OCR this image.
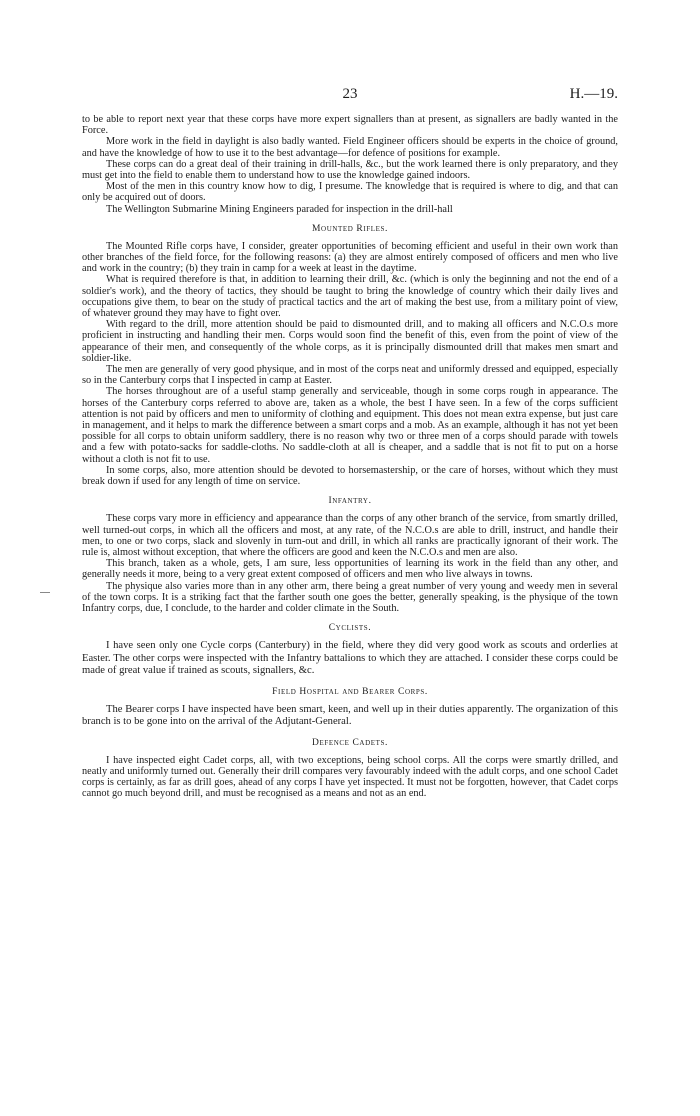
23	H.—19.

to be able to report next year that these corps have more expert signallers than at present, as signallers are badly wanted in the Force.

More work in the field in daylight is also badly wanted. Field Engineer officers should be experts in the choice of ground, and have the knowledge of how to use it to the best advantage—for defence of positions for example.

These corps can do a great deal of their training in drill-halls, &c., but the work learned there is only preparatory, and they must get into the field to enable them to understand how to use the knowledge gained indoors.

Most of the men in this country know how to dig, I presume. The knowledge that is required is where to dig, and that can only be acquired out of doors.

The Wellington Submarine Mining Engineers paraded for inspection in the drill-hall

Mounted Rifles.

The Mounted Rifle corps have, I consider, greater opportunities of becoming efficient and useful in their own work than other branches of the field force, for the following reasons: (a) they are almost entirely composed of officers and men who live and work in the country; (b) they train in camp for a week at least in the daytime.

What is required therefore is that, in addition to learning their drill, &c. (which is only the beginning and not the end of a soldier's work), and the theory of tactics, they should be taught to bring the knowledge of country which their daily lives and occupations give them, to bear on the study of practical tactics and the art of making the best use, from a military point of view, of whatever ground they may have to fight over.

With regard to the drill, more attention should be paid to dismounted drill, and to making all officers and N.C.O.s more proficient in instructing and handling their men. Corps would soon find the benefit of this, even from the point of view of the appearance of their men, and consequently of the whole corps, as it is principally dismounted drill that makes men smart and soldier-like.

The men are generally of very good physique, and in most of the corps neat and uniformly dressed and equipped, especially so in the Canterbury corps that I inspected in camp at Easter.

The horses throughout are of a useful stamp generally and serviceable, though in some corps rough in appearance. The horses of the Canterbury corps referred to above are, taken as a whole, the best I have seen. In a few of the corps sufficient attention is not paid by officers and men to uniformity of clothing and equipment. This does not mean extra expense, but just care in management, and it helps to mark the difference between a smart corps and a mob. As an example, although it has not yet been possible for all corps to obtain uniform saddlery, there is no reason why two or three men of a corps should parade with towels and a few with potato-sacks for saddle-cloths. No saddle-cloth at all is cheaper, and a saddle that is not fit to put on a horse without a cloth is not fit to use.

In some corps, also, more attention should be devoted to horsemastership, or the care of horses, without which they must break down if used for any length of time on service.

Infantry.

These corps vary more in efficiency and appearance than the corps of any other branch of the service, from smartly drilled, well turned-out corps, in which all the officers and most, at any rate, of the N.C.O.s are able to drill, instruct, and handle their men, to one or two corps, slack and slovenly in turn-out and drill, in which all ranks are practically ignorant of their work. The rule is, almost without exception, that where the officers are good and keen the N.C.O.s and men are also.

This branch, taken as a whole, gets, I am sure, less opportunities of learning its work in the field than any other, and generally needs it more, being to a very great extent composed of officers and men who live always in towns.

The physique also varies more than in any other arm, there being a great number of very young and weedy men in several of the town corps. It is a striking fact that the farther south one goes the better, generally speaking, is the physique of the town Infantry corps, due, I conclude, to the harder and colder climate in the South.

Cyclists.

I have seen only one Cycle corps (Canterbury) in the field, where they did very good work as scouts and orderlies at Easter. The other corps were inspected with the Infantry battalions to which they are attached. I consider these corps could be made of great value if trained as scouts, signallers, &c.

Field Hospital and Bearer Corps.

The Bearer corps I have inspected have been smart, keen, and well up in their duties apparently. The organization of this branch is to be gone into on the arrival of the Adjutant-General.

Defence Cadets.

I have inspected eight Cadet corps, all, with two exceptions, being school corps. All the corps were smartly drilled, and neatly and uniformly turned out. Generally their drill compares very favourably indeed with the adult corps, and one school Cadet corps is certainly, as far as drill goes, ahead of any corps I have yet inspected. It must not be forgotten, however, that Cadet corps cannot go much beyond drill, and must be recognised as a means and not as an end.
